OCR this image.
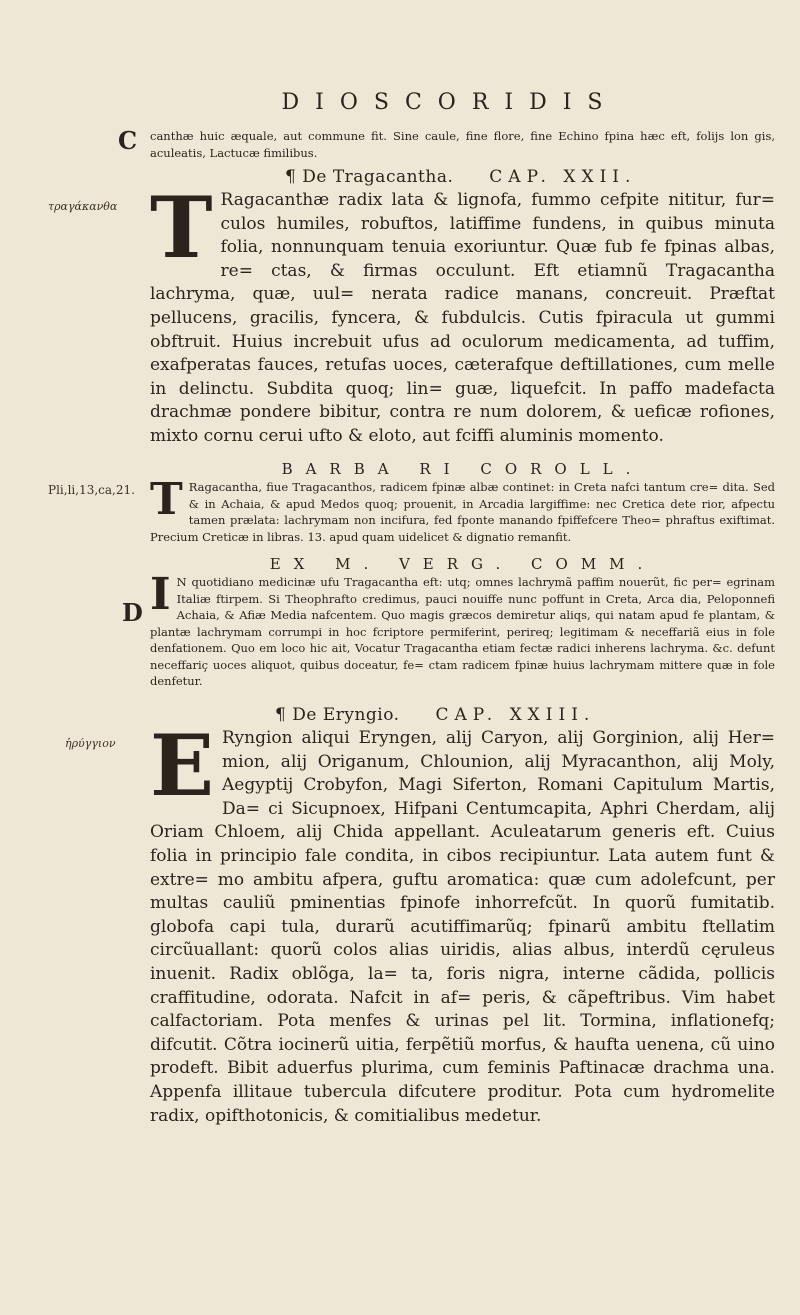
DIOSCORIDIS
C
τραγάκανθα
Pli,li,13,ca,21.
D
ἠρύγγιον

canthæ huic æquale, aut commune fit. Sine caule, fine flore, fine Echino fpina hæc eft, folijs lon gis, aculeatis, Lactucæ fimilibus.

¶ De Tragacantha. CAP. XXII.
T Ragacanthæ radix lata & lignofa, fummo cefpite nititur, fur= culos humiles, robuftos, latiffime fundens, in quibus minuta folia, nonnunquam tenuia exoriuntur. Quæ fub fe fpinas albas, re= ctas, & firmas occulunt. Eft etiamnũ Tragacantha lachryma, quæ, uul= nerata radice manans, concreuit. Præftat pellucens, gracilis, fyncera, & fubdulcis. Cutis fpiracula ut gummi obftruit. Huius increbuit ufus ad oculorum medicamenta, ad tuffim, exafperatas fauces, retufas uoces, cæterafque deftillationes, cum melle in delinctu. Subdita quoq; lin= guæ, liquefcit. In paffo madefacta drachmæ pondere bibitur, contra re num dolorem, & ueficæ rofiones, mixto cornu cerui ufto & eloto, aut fciffi aluminis momento.

BARBA RI COROLL.
T Ragacantha, fiue Tragacanthos, radicem fpinæ albæ continet: in Creta nafci tantum cre= dita. Sed & in Achaia, & apud Medos quoq; prouenit, in Arcadia largiffime: nec Cretica dete rior, afpectu tamen prælata: lachrymam non incifura, fed fponte manando fpiffefcere Theo= phraftus exiftimat. Precium Creticæ in libras. 13. apud quam uidelicet & dignatio remanfit.

EX M. VERG. COMM.
I N quotidiano medicinæ ufu Tragacantha eft: utq; omnes lachrymã paffim nouerũt, fic per= egrinam Italiæ ftirpem. Si Theophrafto credimus, pauci nouiffe nunc poffunt in Creta, Arca dia, Peloponnefi Achaia, & Afiæ Media nafcentem. Quo magis græcos demiretur aliqs, qui natam apud fe plantam, & plantæ lachrymam corrumpi in hoc fcriptore permiferint, perireq; legitimam & neceffariã eius in fole denfationem. Quo em loco hic ait, Vocatur Tragacantha etiam fectæ radici inherens lachryma. &c. defunt neceffariç uoces aliquot, quibus doceatur, fe= ctam radicem fpinæ huius lachrymam mittere quæ in fole denfetur.

¶ De Eryngio. CAP. XXIII.
E Ryngion aliqui Eryngen, alij Caryon, alij Gorginion, alij Her= mion, alij Origanum, Chlounion, alij Myracanthon, alij Moly, Aegyptij Crobyfon, Magi Siferton, Romani Capitulum Martis, Da= ci Sicupnoex, Hifpani Centumcapita, Aphri Cherdam, alij Oriam Chloem, alij Chida appellant. Aculeatarum generis eft. Cuius folia in principio fale condita, in cibos recipiuntur. Lata autem funt & extre= mo ambitu afpera, guftu aromatica: quæ cum adolefcunt, per multas cauliũ pminentias fpinofe inhorrefcũt. In quorũ fumitatib. globofa capi tula, durarũ acutiffimarũq; fpinarũ ambitu ftellatim circũuallant: quorũ colos alias uiridis, alias albus, interdũ cęruleus inuenit. Radix oblõga, la= ta, foris nigra, interne cãdida, pollicis craffitudine, odorata. Nafcit in af= peris, & cãpeftribus. Vim habet calfactoriam. Pota menfes & urinas pel lit. Tormina, inflationefq; difcutit. Cõtra iocinerũ uitia, ferpẽtiũ morfus, & haufta uenena, cũ uino prodeft. Bibit aduerfus plurima, cum feminis Paftinacæ drachma una. Appenfa illitaue tubercula difcutere proditur. Pota cum hydromelite radix, opifthotonicis, & comitialibus medetur.
